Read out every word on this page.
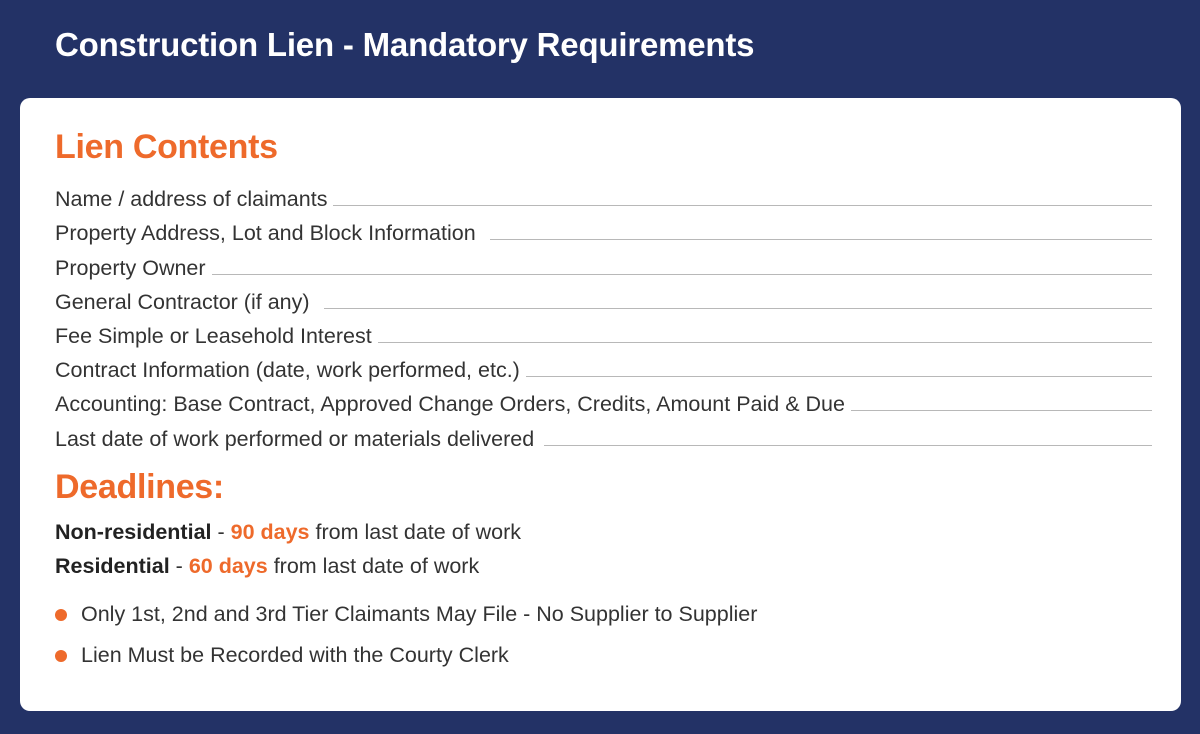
Construction Lien - Mandatory Requirements
Lien Contents
Name / address of claimants
Property Address, Lot and Block Information
Property Owner
General Contractor (if any)
Fee Simple or Leasehold Interest
Contract Information (date, work performed, etc.)
Accounting: Base Contract, Approved Change Orders, Credits, Amount Paid & Due
Last date of work performed or materials delivered
Deadlines:
Non-residential - 90 days from last date of work
Residential - 60 days from last date of work
Only 1st, 2nd and 3rd Tier Claimants May File - No Supplier to Supplier
Lien Must be Recorded with the Courty Clerk
